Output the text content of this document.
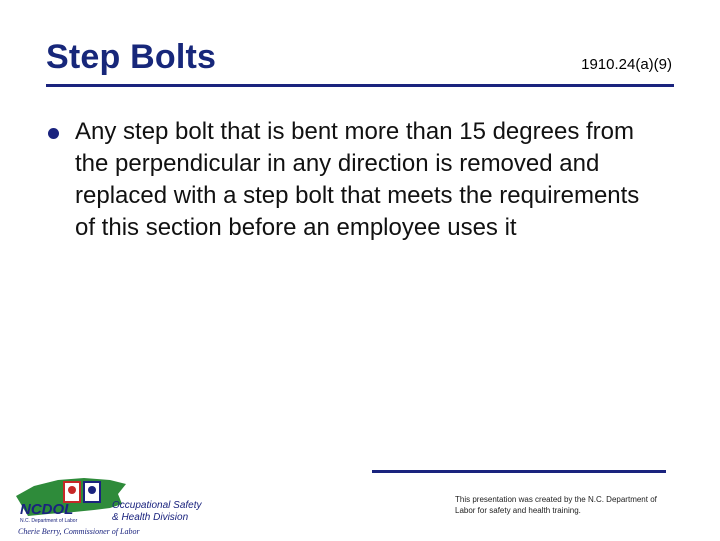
Step Bolts	1910.24(a)(9)
Any step bolt that is bent more than 15 degrees from the perpendicular in any direction is removed and replaced with a step bolt that meets the requirements of this section before an employee uses it
NCDOL
N.C. Department of Labor
Occupational Safety
& Health Division
Cherie Berry, Commissioner of Labor
This presentation was created by the N.C. Department of Labor for safety and health training.
